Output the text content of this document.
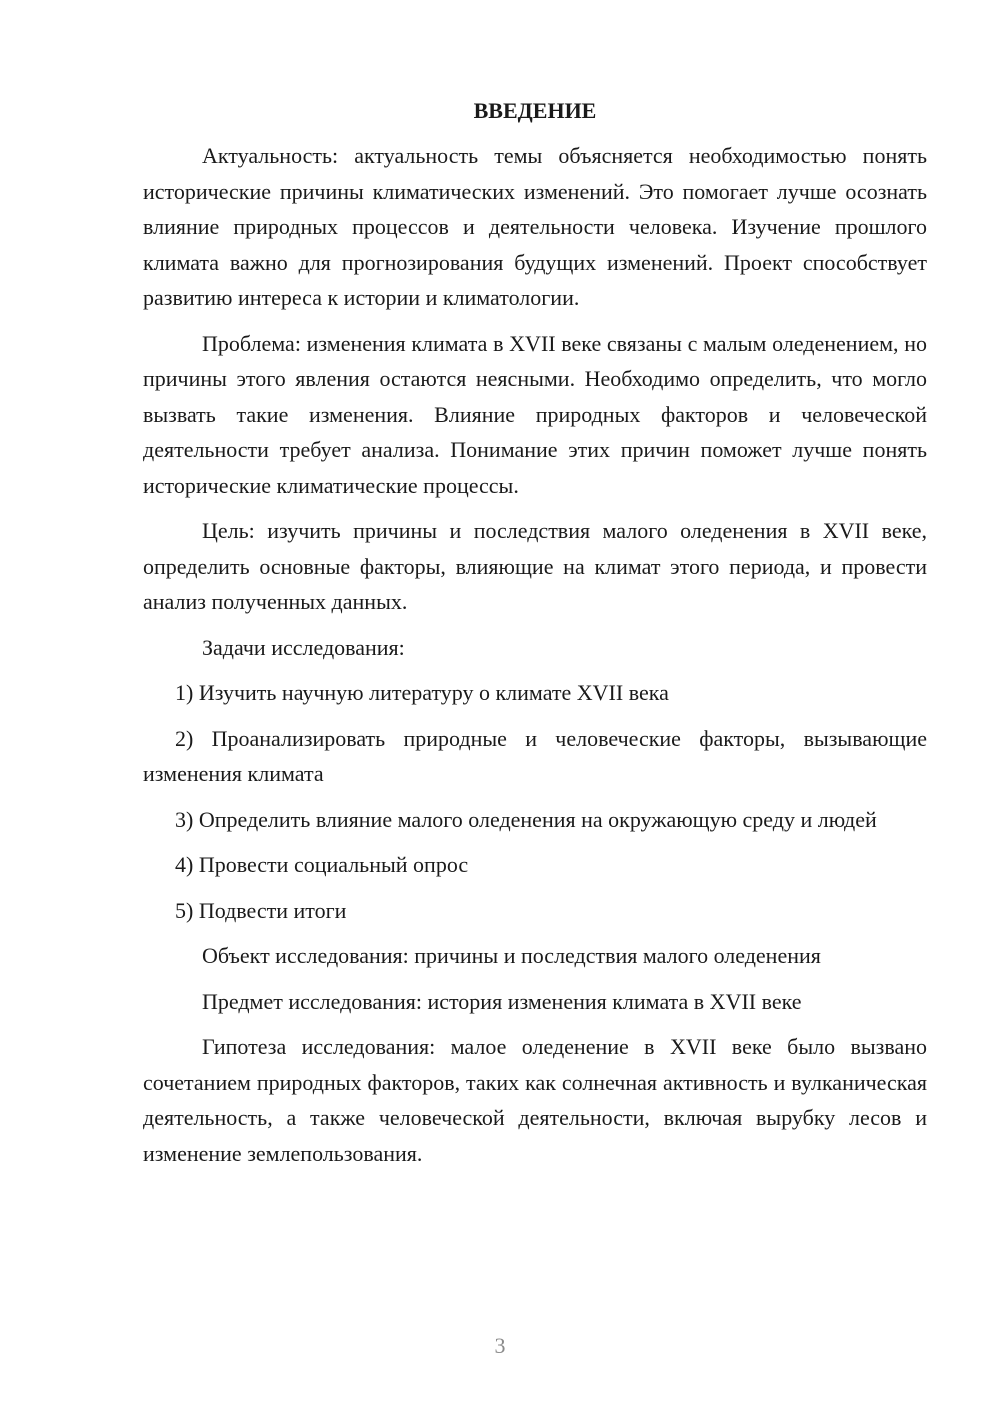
ВВЕДЕНИЕ

Актуальность: актуальность темы объясняется необходимостью понять исторические причины климатических изменений. Это помогает лучше осознать влияние природных процессов и деятельности человека. Изучение прошлого климата важно для прогнозирования будущих изменений. Проект способствует развитию интереса к истории и климатологии.

Проблема: изменения климата в XVII веке связаны с малым оледенением, но причины этого явления остаются неясными. Необходимо определить, что могло вызвать такие изменения. Влияние природных факторов и человеческой деятельности требует анализа. Понимание этих причин поможет лучше понять исторические климатические процессы.

Цель: изучить причины и последствия малого оледенения в XVII веке, определить основные факторы, влияющие на климат этого периода, и провести анализ полученных данных.

Задачи исследования:

1) Изучить научную литературу о климате XVII века

2) Проанализировать природные и человеческие факторы, вызывающие изменения климата

3) Определить влияние малого оледенения на окружающую среду и людей

4) Провести социальный опрос

5) Подвести итоги

Объект исследования: причины и последствия малого оледенения

Предмет исследования: история изменения климата в XVII веке

Гипотеза исследования: малое оледенение в XVII веке было вызвано сочетанием природных факторов, таких как солнечная активность и вулканическая деятельность, а также человеческой деятельности, включая вырубку лесов и изменение землепользования.

3
